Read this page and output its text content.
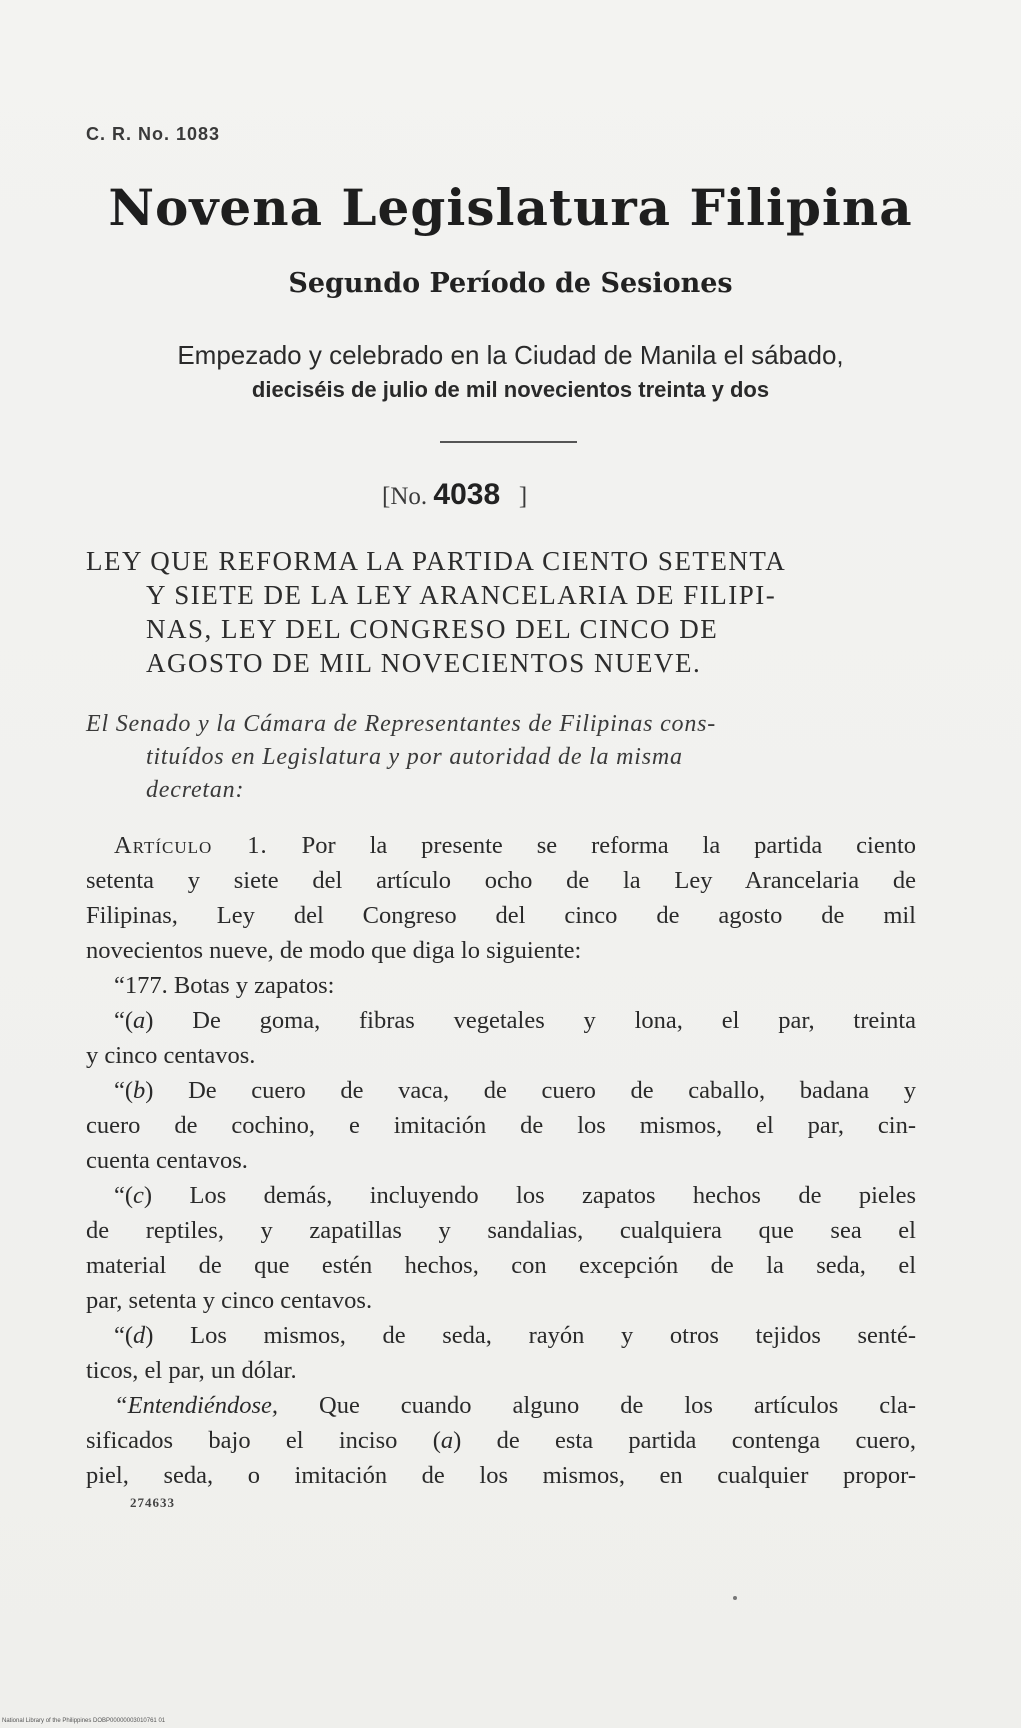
C. R. No. 1083
Novena Legislatura Filipina
Segundo Período de Sesiones
Empezado y celebrado en la Ciudad de Manila el sábado,
dieciséis de julio de mil novecientos treinta y dos
[No. 4038 ]
LEY QUE REFORMA LA PARTIDA CIENTO SETENTA
Y SIETE DE LA LEY ARANCELARIA DE FILIPI-
NAS, LEY DEL CONGRESO DEL CINCO DE
AGOSTO DE MIL NOVECIENTOS NUEVE.
El Senado y la Cámara de Representantes de Filipinas cons-
tituídos en Legislatura y por autoridad de la misma
decretan:
Artículo 1. Por la presente se reforma la partida ciento
setenta y siete del artículo ocho de la Ley Arancelaria de
Filipinas, Ley del Congreso del cinco de agosto de mil
novecientos nueve, de modo que diga lo siguiente:
“177. Botas y zapatos:
“(a) De goma, fibras vegetales y lona, el par, treinta
y cinco centavos.
“(b) De cuero de vaca, de cuero de caballo, badana y
cuero de cochino, e imitación de los mismos, el par, cin-
cuenta centavos.
“(c) Los demás, incluyendo los zapatos hechos de pieles
de reptiles, y zapatillas y sandalias, cualquiera que sea el
material de que estén hechos, con excepción de la seda, el
par, setenta y cinco centavos.
“(d) Los mismos, de seda, rayón y otros tejidos senté-
ticos, el par, un dólar.
“Entendiéndose, Que cuando alguno de los artículos cla-
sificados bajo el inciso (a) de esta partida contenga cuero,
piel, seda, o imitación de los mismos, en cualquier propor-
274633
National Library of the Philippines DOBP00000003010761 01
